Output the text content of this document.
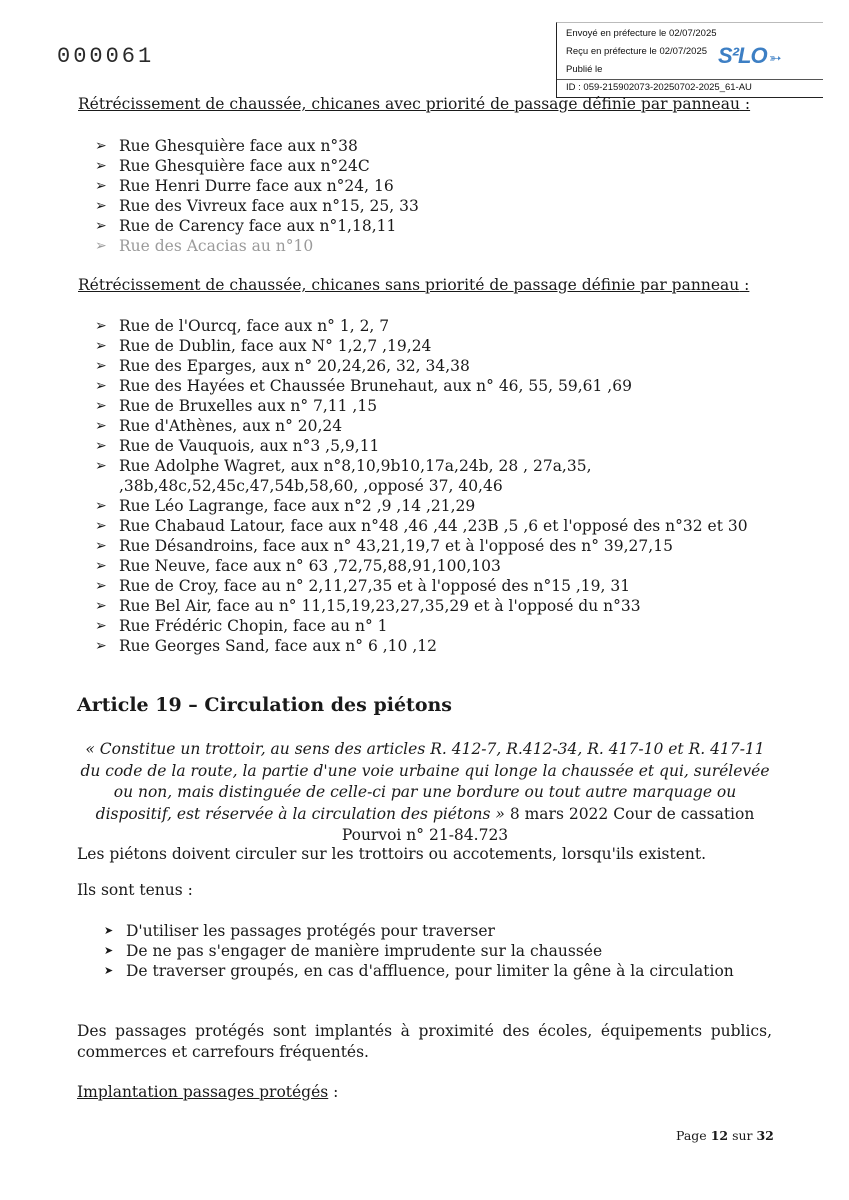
000061
Envoyé en préfecture le 02/07/2025
Reçu en préfecture le 02/07/2025
Publié le
ID : 059-215902073-20250702-2025_61-AU
S²LO ➳
Rétrécissement de chaussée, chicanes avec priorité de passage définie par panneau :
➢ Rue Ghesquière face aux n°38
➢ Rue Ghesquière face aux n°24C
➢ Rue Henri Durre face aux n°24, 16
➢ Rue des Vivreux face aux n°15, 25, 33
➢ Rue de Carency face aux n°1,18,11
➢ Rue des Acacias au n°10
Rétrécissement de chaussée, chicanes sans priorité de passage définie par panneau :
➢ Rue de l'Ourcq, face aux n° 1, 2, 7
➢ Rue de Dublin, face aux N° 1,2,7 ,19,24
➢ Rue des Eparges, aux n° 20,24,26, 32, 34,38
➢ Rue des Hayées et Chaussée Brunehaut, aux n° 46, 55, 59,61 ,69
➢ Rue de Bruxelles aux n° 7,11 ,15
➢ Rue d'Athènes, aux n° 20,24
➢ Rue de Vauquois, aux n°3 ,5,9,11
➢ Rue Adolphe Wagret, aux n°8,10,9b10,17a,24b, 28 , 27a,35,
,38b,48c,52,45c,47,54b,58,60, ,opposé 37, 40,46
➢ Rue Léo Lagrange, face aux n°2 ,9 ,14 ,21,29
➢ Rue Chabaud Latour, face aux n°48 ,46 ,44 ,23B ,5 ,6 et l'opposé des n°32 et 30
➢ Rue Désandroins, face aux n° 43,21,19,7 et à l'opposé des n° 39,27,15
➢ Rue Neuve, face aux n° 63 ,72,75,88,91,100,103
➢ Rue de Croy, face au n° 2,11,27,35 et à l'opposé des n°15 ,19, 31
➢ Rue Bel Air, face au n° 11,15,19,23,27,35,29 et à l'opposé du n°33
➢ Rue Frédéric Chopin, face au n° 1
➢ Rue Georges Sand, face aux n° 6 ,10 ,12
Article 19 – Circulation des piétons
« Constitue un trottoir, au sens des articles R. 412-7, R.412-34, R. 417-10 et R. 417-11 du code de la route, la partie d'une voie urbaine qui longe la chaussée et qui, surélevée ou non, mais distinguée de celle-ci par une bordure ou tout autre marquage ou dispositif, est réservée à la circulation des piétons » 8 mars 2022 Cour de cassation Pourvoi n° 21-84.723
Les piétons doivent circuler sur les trottoirs ou accotements, lorsqu'ils existent.
Ils sont tenus :
➤ D'utiliser les passages protégés pour traverser
➤ De ne pas s'engager de manière imprudente sur la chaussée
➤ De traverser groupés, en cas d'affluence, pour limiter la gêne à la circulation
Des passages protégés sont implantés à proximité des écoles, équipements publics, commerces et carrefours fréquentés.
Implantation passages protégés :
Page 12 sur 32
